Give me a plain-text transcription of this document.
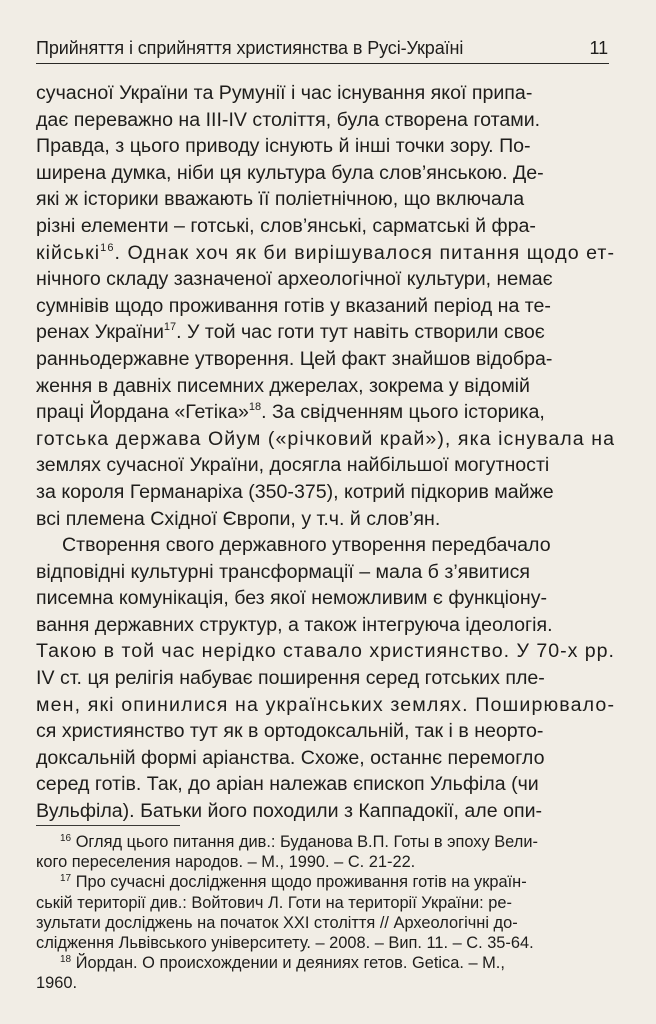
Прийняття і сприйняття християнства в Русі-Україні	11
сучасної України та Румунії і час існування якої припа-
дає переважно на III-IV століття, була створена готами.
Правда, з цього приводу існують й інші точки зору. По-
ширена думка, ніби ця культура була слов’янською. Де-
які ж історики вважають її поліетнічною, що включала
різні елементи – готські, слов’янські, сарматські й фра-
кійські$^{16}$. Однак хоч як би вирішувалося питання щодо ет-
нічного складу зазначеної археологічної культури, немає
сумнівів щодо проживання готів у вказаний період на те-
ренах України$^{17}$. У той час готи тут навіть створили своє
ранньодержавне утворення. Цей факт знайшов відобра-
ження в давніх писемних джерелах, зокрема у відомій
праці Йордана «Гетіка»$^{18}$. За свідченням цього історика,
готська держава Ойум («річковий край»), яка існувала на
землях сучасної України, досягла найбільшої могутності
за короля Германаріха (350-375), котрий підкорив майже
всі племена Східної Європи, у т.ч. й слов’ян.
Створення свого державного утворення передбачало
відповідні культурні трансформації – мала б з’явитися
писемна комунікація, без якої неможливим є функціону-
вання державних структур, а також інтегруюча ідеологія.
Такою в той час нерідко ставало християнство. У 70-х рр.
IV ст. ця релігія набуває поширення серед готських пле-
мен, які опинилися на українських землях. Поширювало-
ся християнство тут як в ортодоксальній, так і в неорто-
доксальній формі аріанства. Схоже, останнє перемогло
серед готів. Так, до аріан належав єпископ Ульфіла (чи
Вульфіла). Батьки його походили з Каппадокії, але опи-
$^{16}$ Огляд цього питання див.: Буданова В.П. Готы в эпоху Вели-
кого переселения народов. – М., 1990. – С. 21-22.
$^{17}$ Про сучасні дослідження щодо проживання готів на україн-
ській території див.: Войтович Л. Готи на території України: ре-
зультати досліджень на початок XXI століття // Археологічні до-
слідження Львівського університету. – 2008. – Вип. 11. – С. 35-64.
$^{18}$ Йордан. О происхождении и деяниях гетов. Getica. – М.,
1960.
